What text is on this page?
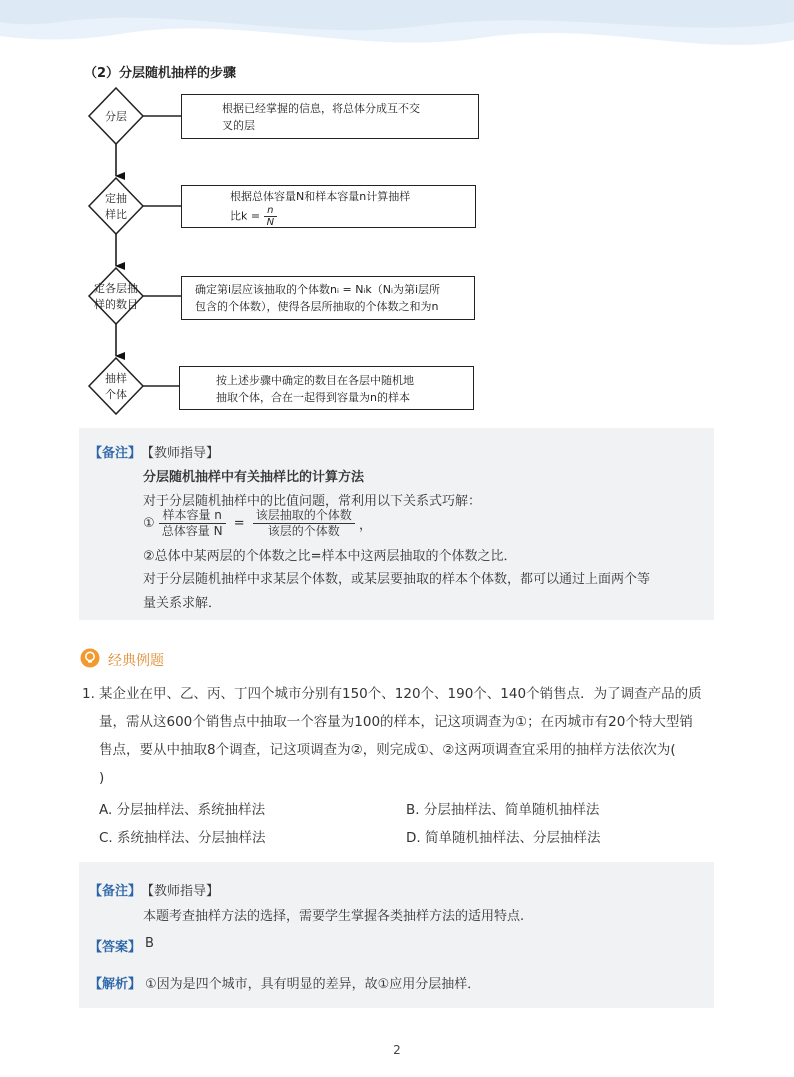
（2）分层随机抽样的步骤
分层
定抽
样比
定各层抽
样的数目
抽样
个体
根据已经掌握的信息，将总体分成互不交
叉的层
根据总体容量N和样本容量n计算抽样
比$k = \frac{n}{N}$
确定第i层应该抽取的个体数nᵢ = Nᵢk（Nᵢ为第i层所
包含的个体数），使得各层所抽取的个体数之和为n
按上述步骤中确定的数目在各层中随机地
抽取个体，合在一起得到容量为n的样本
【备注】 【教师指导】
分层随机抽样中有关抽样比的计算方法
对于分层随机抽样中的比值问题，常利用以下关系式巧解：
① $\frac{\text{样本容量 n}}{\text{总体容量 N}} = \frac{\text{该层抽取的个体数}}{\text{该层的个体数}}$ ，
②总体中某两层的个体数之比=样本中这两层抽取的个体数之比．
对于分层随机抽样中求某层个体数，或某层要抽取的样本个体数，都可以通过上面两个等
量关系求解．
经典例题
1. 某企业在甲、乙、丙、丁四个城市分别有150个、120个、190个、140个销售点．为了调查产品的质
量，需从这600个销售点中抽取一个容量为100的样本，记这项调查为①；在丙城市有20个特大型销
售点，要从中抽取8个调查，记这项调查为②，则完成①、②这两项调查宜采用的抽样方法依次为(
)
A. 分层抽样法、系统抽样法	B. 分层抽样法、简单随机抽样法
C. 系统抽样法、分层抽样法	D. 简单随机抽样法、分层抽样法
【备注】 【教师指导】
本题考查抽样方法的选择，需要学生掌握各类抽样方法的适用特点.
【答案】 B
【解析】 ①因为是四个城市，具有明显的差异，故①应用分层抽样．
2
